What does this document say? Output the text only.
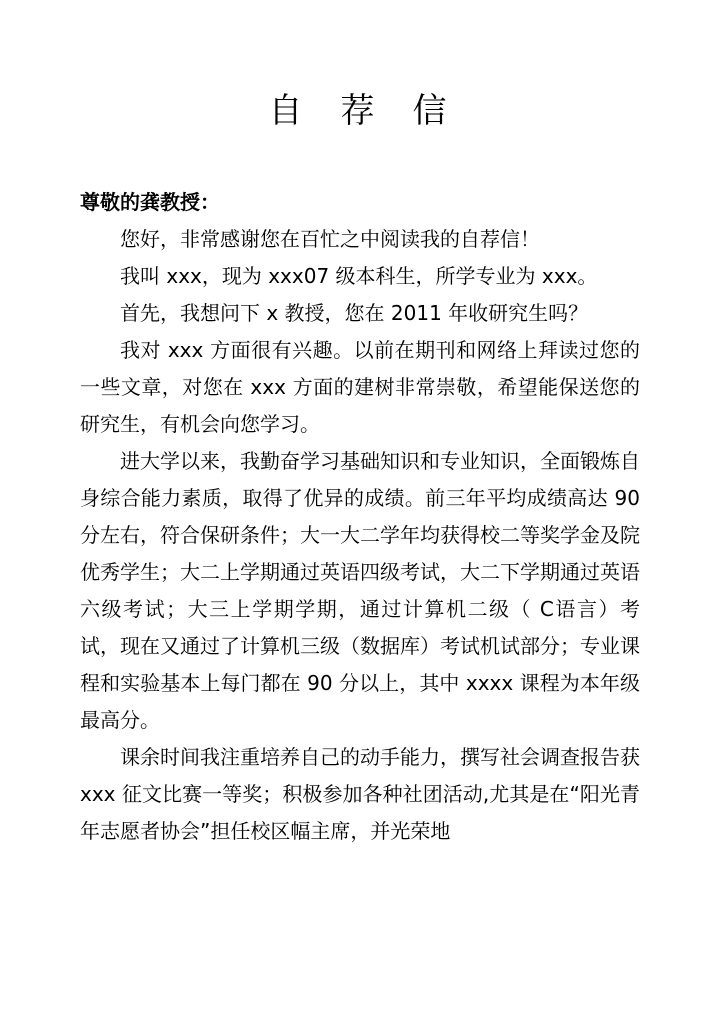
自　荐　信

尊敬的龚教授：

您好，非常感谢您在百忙之中阅读我的自荐信！

我叫 xxx，现为 xxx07 级本科生，所学专业为 xxx。

首先，我想问下 x 教授，您在 2011 年收研究生吗？

我对 xxx 方面很有兴趣。以前在期刊和网络上拜读过您的一些文章，对您在 xxx 方面的建树非常崇敬，希望能保送您的研究生，有机会向您学习。

进大学以来，我勤奋学习基础知识和专业知识，全面锻炼自身综合能力素质，取得了优异的成绩。前三年平均成绩高达 90 分左右，符合保研条件；大一大二学年均获得校二等奖学金及院优秀学生；大二上学期通过英语四级考试，大二下学期通过英语六级考试；大三上学期学期，通过计算机二级（ C语言）考试，现在又通过了计算机三级（数据库）考试机试部分；专业课程和实验基本上每门都在 90 分以上，其中 xxxx 课程为本年级最高分。

课余时间我注重培养自己的动手能力，撰写社会调查报告获 xxx 征文比赛一等奖；积极参加各种社团活动,尤其是在“阳光青年志愿者协会”担任校区幅主席，并光荣地
